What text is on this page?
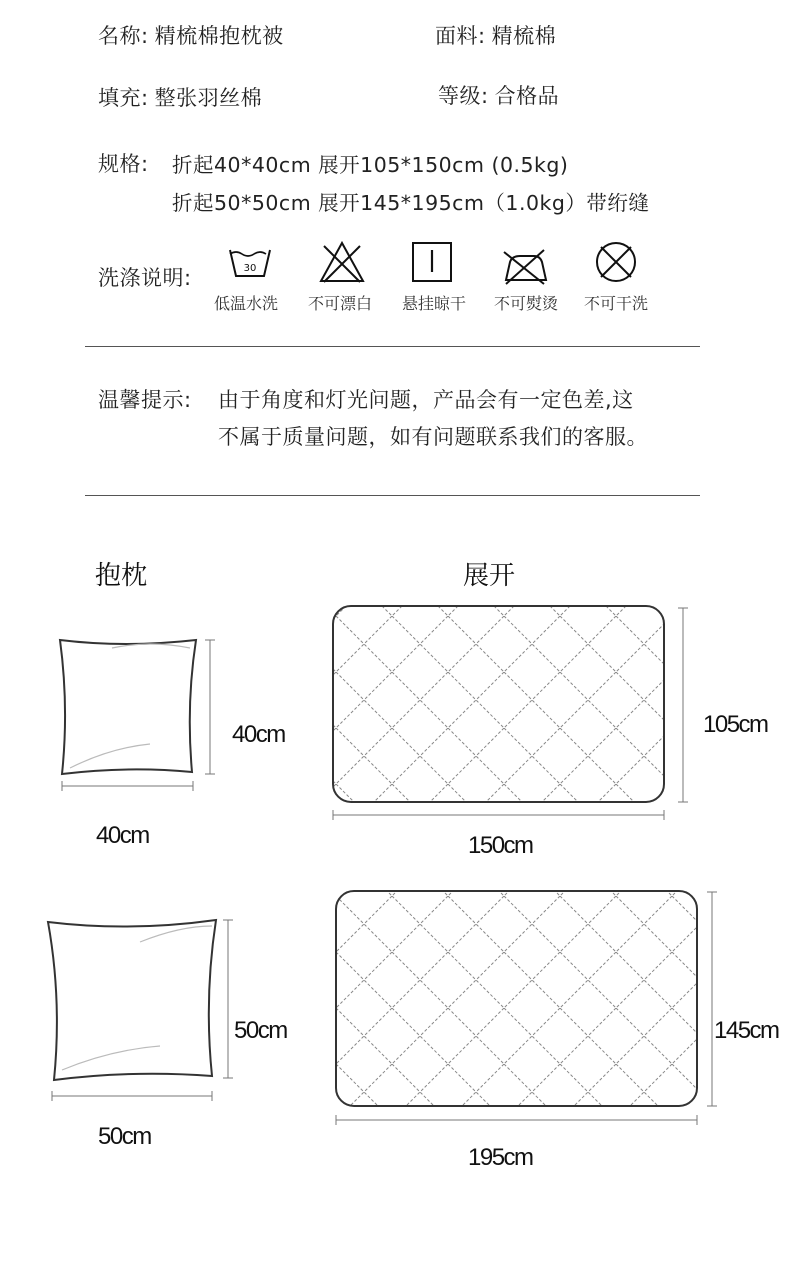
名称: 精梳棉抱枕被	面料: 精梳棉
填充: 整张羽丝棉	等级: 合格品
规格: 折起40*40cm 展开105*150cm (0.5kg)
折起50*50cm 展开145*195cm（1.0kg）带绗缝
洗涤说明:	30
低温水洗	不可漂白	悬挂晾干	不可熨烫	不可干洗
温馨提示: 由于角度和灯光问题，产品会有一定色差,这
不属于质量问题，如有问题联系我们的客服。
抱枕	展开
40cm
40cm
105cm
150cm
50cm
50cm
145cm
195cm
